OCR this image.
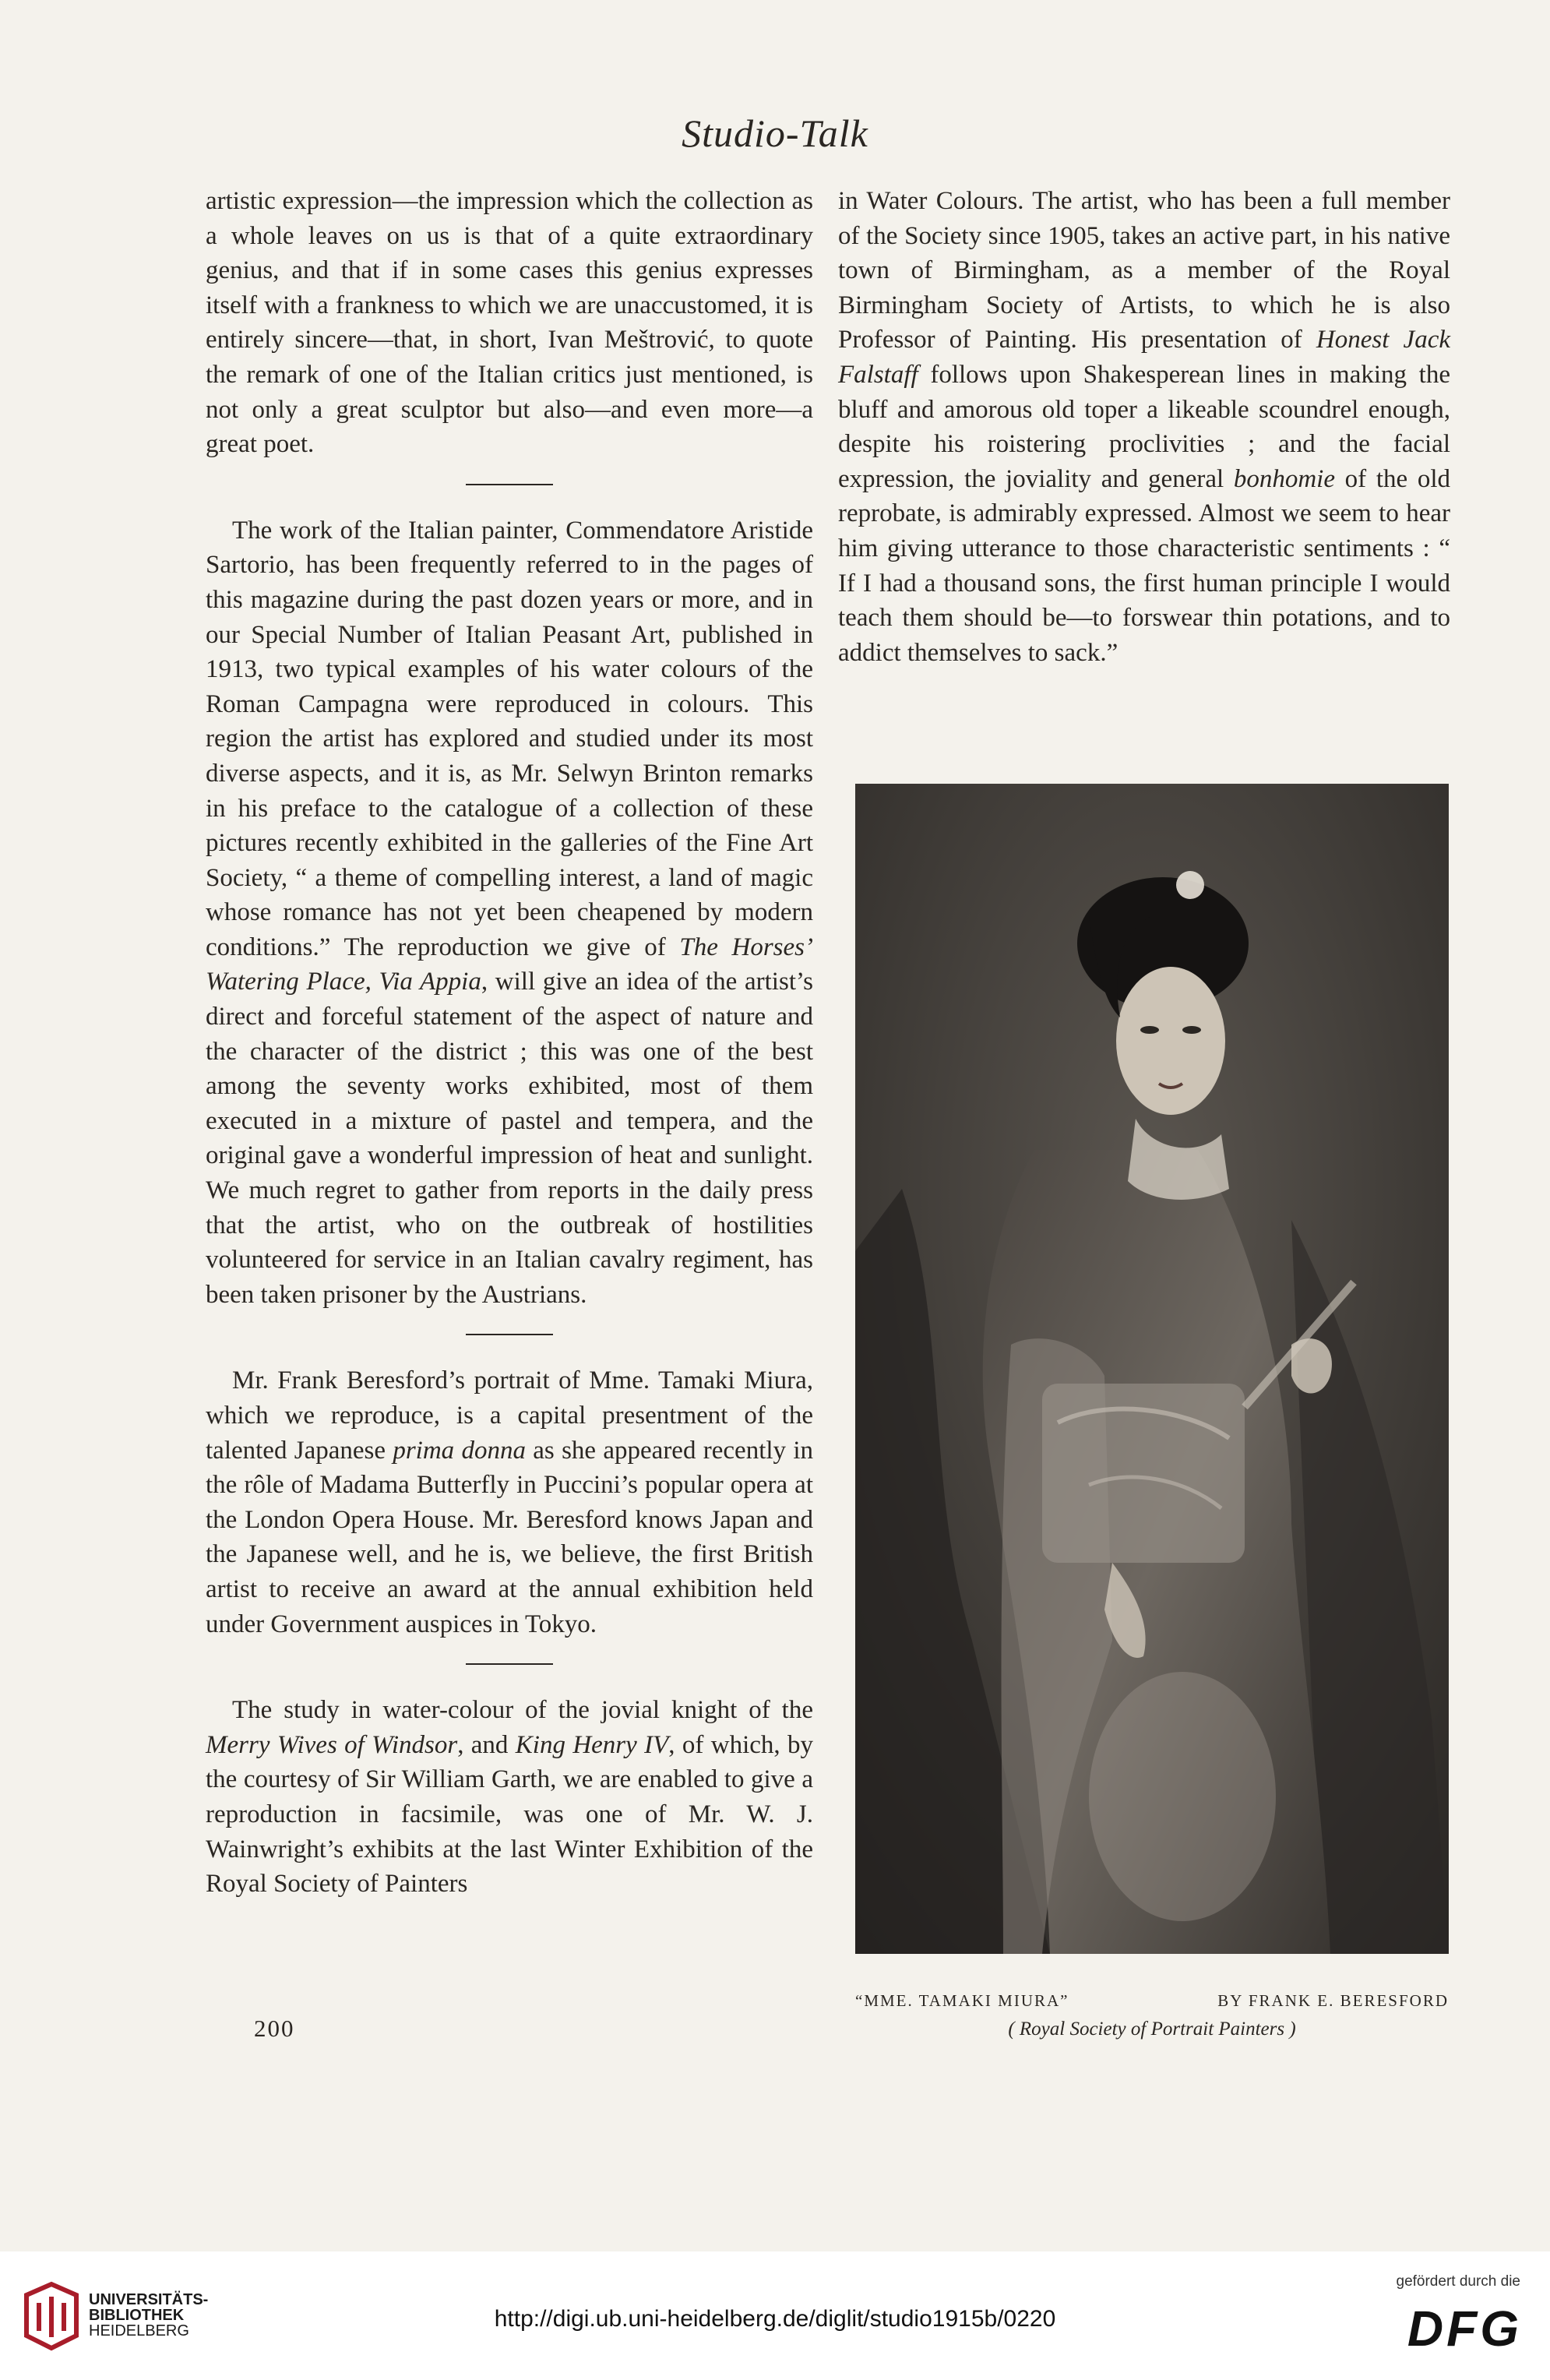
Studio-Talk

artistic expression—the impression which the collection as a whole leaves on us is that of a quite extraordinary genius, and that if in some cases this genius expresses itself with a frankness to which we are unaccustomed, it is entirely sincere—that, in short, Ivan Meštrović, to quote the remark of one of the Italian critics just mentioned, is not only a great sculptor but also—and even more—a great poet.

The work of the Italian painter, Commendatore Aristide Sartorio, has been frequently referred to in the pages of this magazine during the past dozen years or more, and in our Special Number of Italian Peasant Art, published in 1913, two typical examples of his water colours of the Roman Campagna were reproduced in colours. This region the artist has explored and studied under its most diverse aspects, and it is, as Mr. Selwyn Brinton remarks in his preface to the catalogue of a collection of these pictures recently exhibited in the galleries of the Fine Art Society, “ a theme of compelling interest, a land of magic whose romance has not yet been cheapened by modern conditions.” The reproduction we give of The Horses’ Watering Place, Via Appia, will give an idea of the artist’s direct and forceful statement of the aspect of nature and the character of the district ; this was one of the best among the seventy works exhibited, most of them executed in a mixture of pastel and tempera, and the original gave a wonderful impression of heat and sunlight. We much regret to gather from reports in the daily press that the artist, who on the outbreak of hostilities volunteered for service in an Italian cavalry regiment, has been taken prisoner by the Austrians.

Mr. Frank Beresford’s portrait of Mme. Tamaki Miura, which we reproduce, is a capital presentment of the talented Japanese prima donna as she appeared recently in the rôle of Madama Butterfly in Puccini’s popular opera at the London Opera House. Mr. Beresford knows Japan and the Japanese well, and he is, we believe, the first British artist to receive an award at the annual exhibition held under Government auspices in Tokyo.

The study in water-colour of the jovial knight of the Merry Wives of Windsor, and King Henry IV, of which, by the courtesy of Sir William Garth, we are enabled to give a reproduction in facsimile, was one of Mr. W. J. Wainwright’s exhibits at the last Winter Exhibition of the Royal Society of Painters

in Water Colours. The artist, who has been a full member of the Society since 1905, takes an active part, in his native town of Birmingham, as a member of the Royal Birmingham Society of Artists, to which he is also Professor of Painting. His presentation of Honest Jack Falstaff follows upon Shakesperean lines in making the bluff and amorous old toper a likeable scoundrel enough, despite his roistering proclivities ; and the facial expression, the joviality and general bonhomie of the old reprobate, is admirably expressed. Almost we seem to hear him giving utterance to those characteristic sentiments : “ If I had a thousand sons, the first human principle I would teach them should be—to forswear thin potations, and to addict themselves to sack.”

“MME. TAMAKI MIURA”	BY FRANK E. BERESFORD
( Royal Society of Portrait Painters )
200
UNIVERSITÄTS-
BIBLIOTHEK
HEIDELBERG	http://digi.ub.uni-heidelberg.de/diglit/studio1915b/0220
gefördert durch die
DFG
